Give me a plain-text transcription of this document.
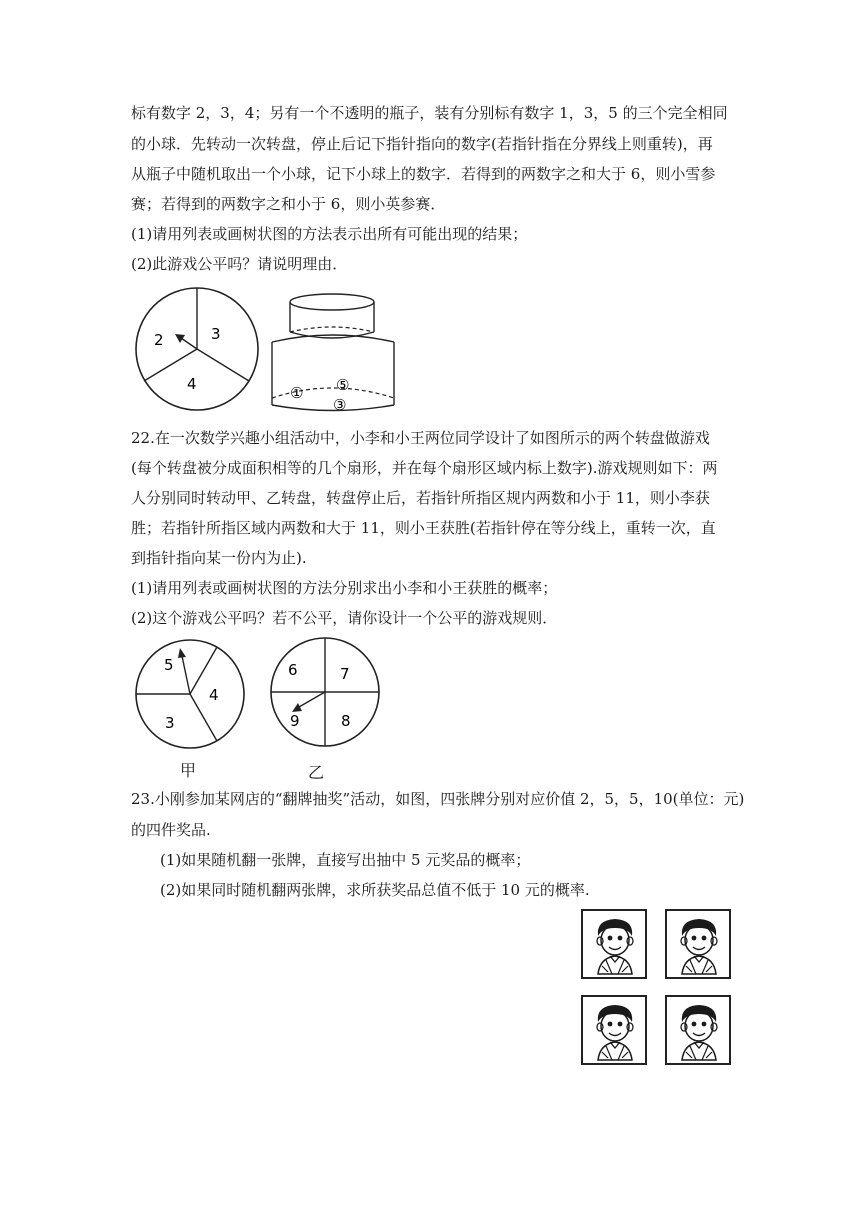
标有数字 2，3，4；另有一个不透明的瓶子，装有分别标有数字 1，3，5 的三个完全相同
的小球．先转动一次转盘，停止后记下指针指向的数字(若指针指在分界线上则重转)，再
从瓶子中随机取出一个小球，记下小球上的数字．若得到的两数字之和大于 6，则小雪参
赛；若得到的两数字之和小于 6，则小英参赛．
(1)请用列表或画树状图的方法表示出所有可能出现的结果；
(2)此游戏公平吗？请说明理由．
2	3
4	① ⑤
③
22.在一次数学兴趣小组活动中，小李和小王两位同学设计了如图所示的两个转盘做游戏
(每个转盘被分成面积相等的几个扇形，并在每个扇形区域内标上数字).游戏规则如下：两
人分别同时转动甲、乙转盘，转盘停止后，若指针所指区规内两数和小于 11，则小李获
胜；若指针所指区域内两数和大于 11，则小王获胜(若指针停在等分线上，重转一次，直
到指针指向某一份内为止).
(1)请用列表或画树状图的方法分别求出小李和小王获胜的概率；
(2)这个游戏公平吗？若不公平，请你设计一个公平的游戏规则．
5
4
3
甲
6	7
9	8
乙
23.小刚参加某网店的“翻牌抽奖”活动，如图，四张牌分别对应价值 2，5，5，10(单位：元)
的四件奖品.
(1)如果随机翻一张牌，直接写出抽中 5 元奖品的概率；
(2)如果同时随机翻两张牌，求所获奖品总值不低于 10 元的概率.
